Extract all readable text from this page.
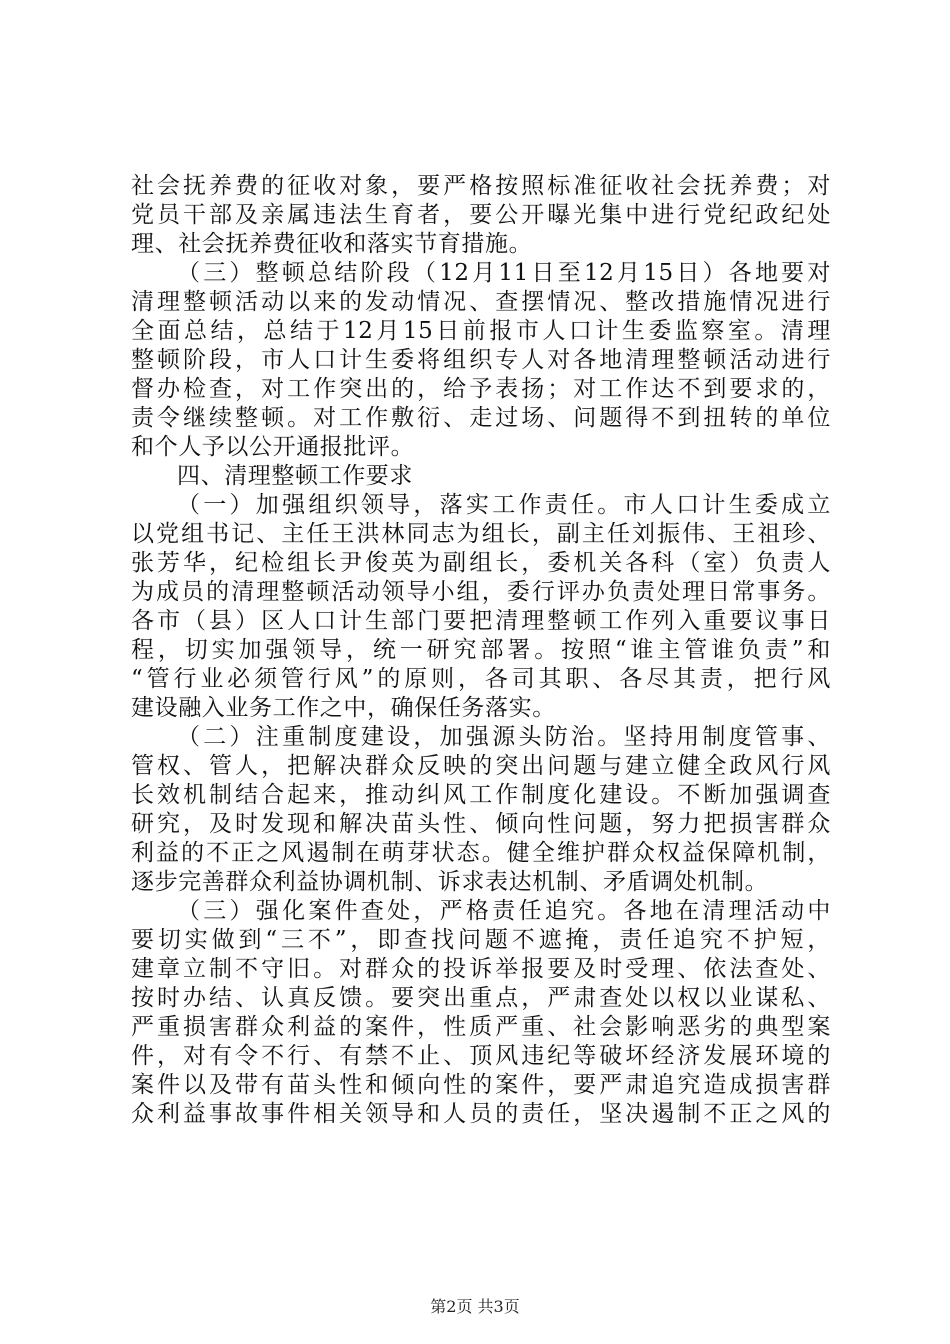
社会抚养费的征收对象，要严格按照标准征收社会抚养费；对
党员干部及亲属违法生育者，要公开曝光集中进行党纪政纪处
理、社会抚养费征收和落实节育措施。
（三）整顿总结阶段（12月11日至12月15日）各地要对
清理整顿活动以来的发动情况、查摆情况、整改措施情况进行
全面总结，总结于12月15日前报市人口计生委监察室。清理
整顿阶段，市人口计生委将组织专人对各地清理整顿活动进行
督办检查，对工作突出的，给予表扬；对工作达不到要求的，
责令继续整顿。对工作敷衍、走过场、问题得不到扭转的单位
和个人予以公开通报批评。
四、清理整顿工作要求
（一）加强组织领导，落实工作责任。市人口计生委成立
以党组书记、主任王洪林同志为组长，副主任刘振伟、王祖珍、
张芳华，纪检组长尹俊英为副组长，委机关各科（室）负责人
为成员的清理整顿活动领导小组，委行评办负责处理日常事务。
各市（县）区人口计生部门要把清理整顿工作列入重要议事日
程，切实加强领导，统一研究部署。按照“谁主管谁负责”和
“管行业必须管行风”的原则，各司其职、各尽其责，把行风
建设融入业务工作之中，确保任务落实。
（二）注重制度建设，加强源头防治。坚持用制度管事、
管权、管人，把解决群众反映的突出问题与建立健全政风行风
长效机制结合起来，推动纠风工作制度化建设。不断加强调查
研究，及时发现和解决苗头性、倾向性问题，努力把损害群众
利益的不正之风遏制在萌芽状态。健全维护群众权益保障机制，
逐步完善群众利益协调机制、诉求表达机制、矛盾调处机制。
（三）强化案件查处，严格责任追究。各地在清理活动中
要切实做到“三不”，即查找问题不遮掩，责任追究不护短，
建章立制不守旧。对群众的投诉举报要及时受理、依法查处、
按时办结、认真反馈。要突出重点，严肃查处以权以业谋私、
严重损害群众利益的案件，性质严重、社会影响恶劣的典型案
件，对有令不行、有禁不止、顶风违纪等破坏经济发展环境的
案件以及带有苗头性和倾向性的案件，要严肃追究造成损害群
众利益事故事件相关领导和人员的责任，坚决遏制不正之风的
第2页 共3页
